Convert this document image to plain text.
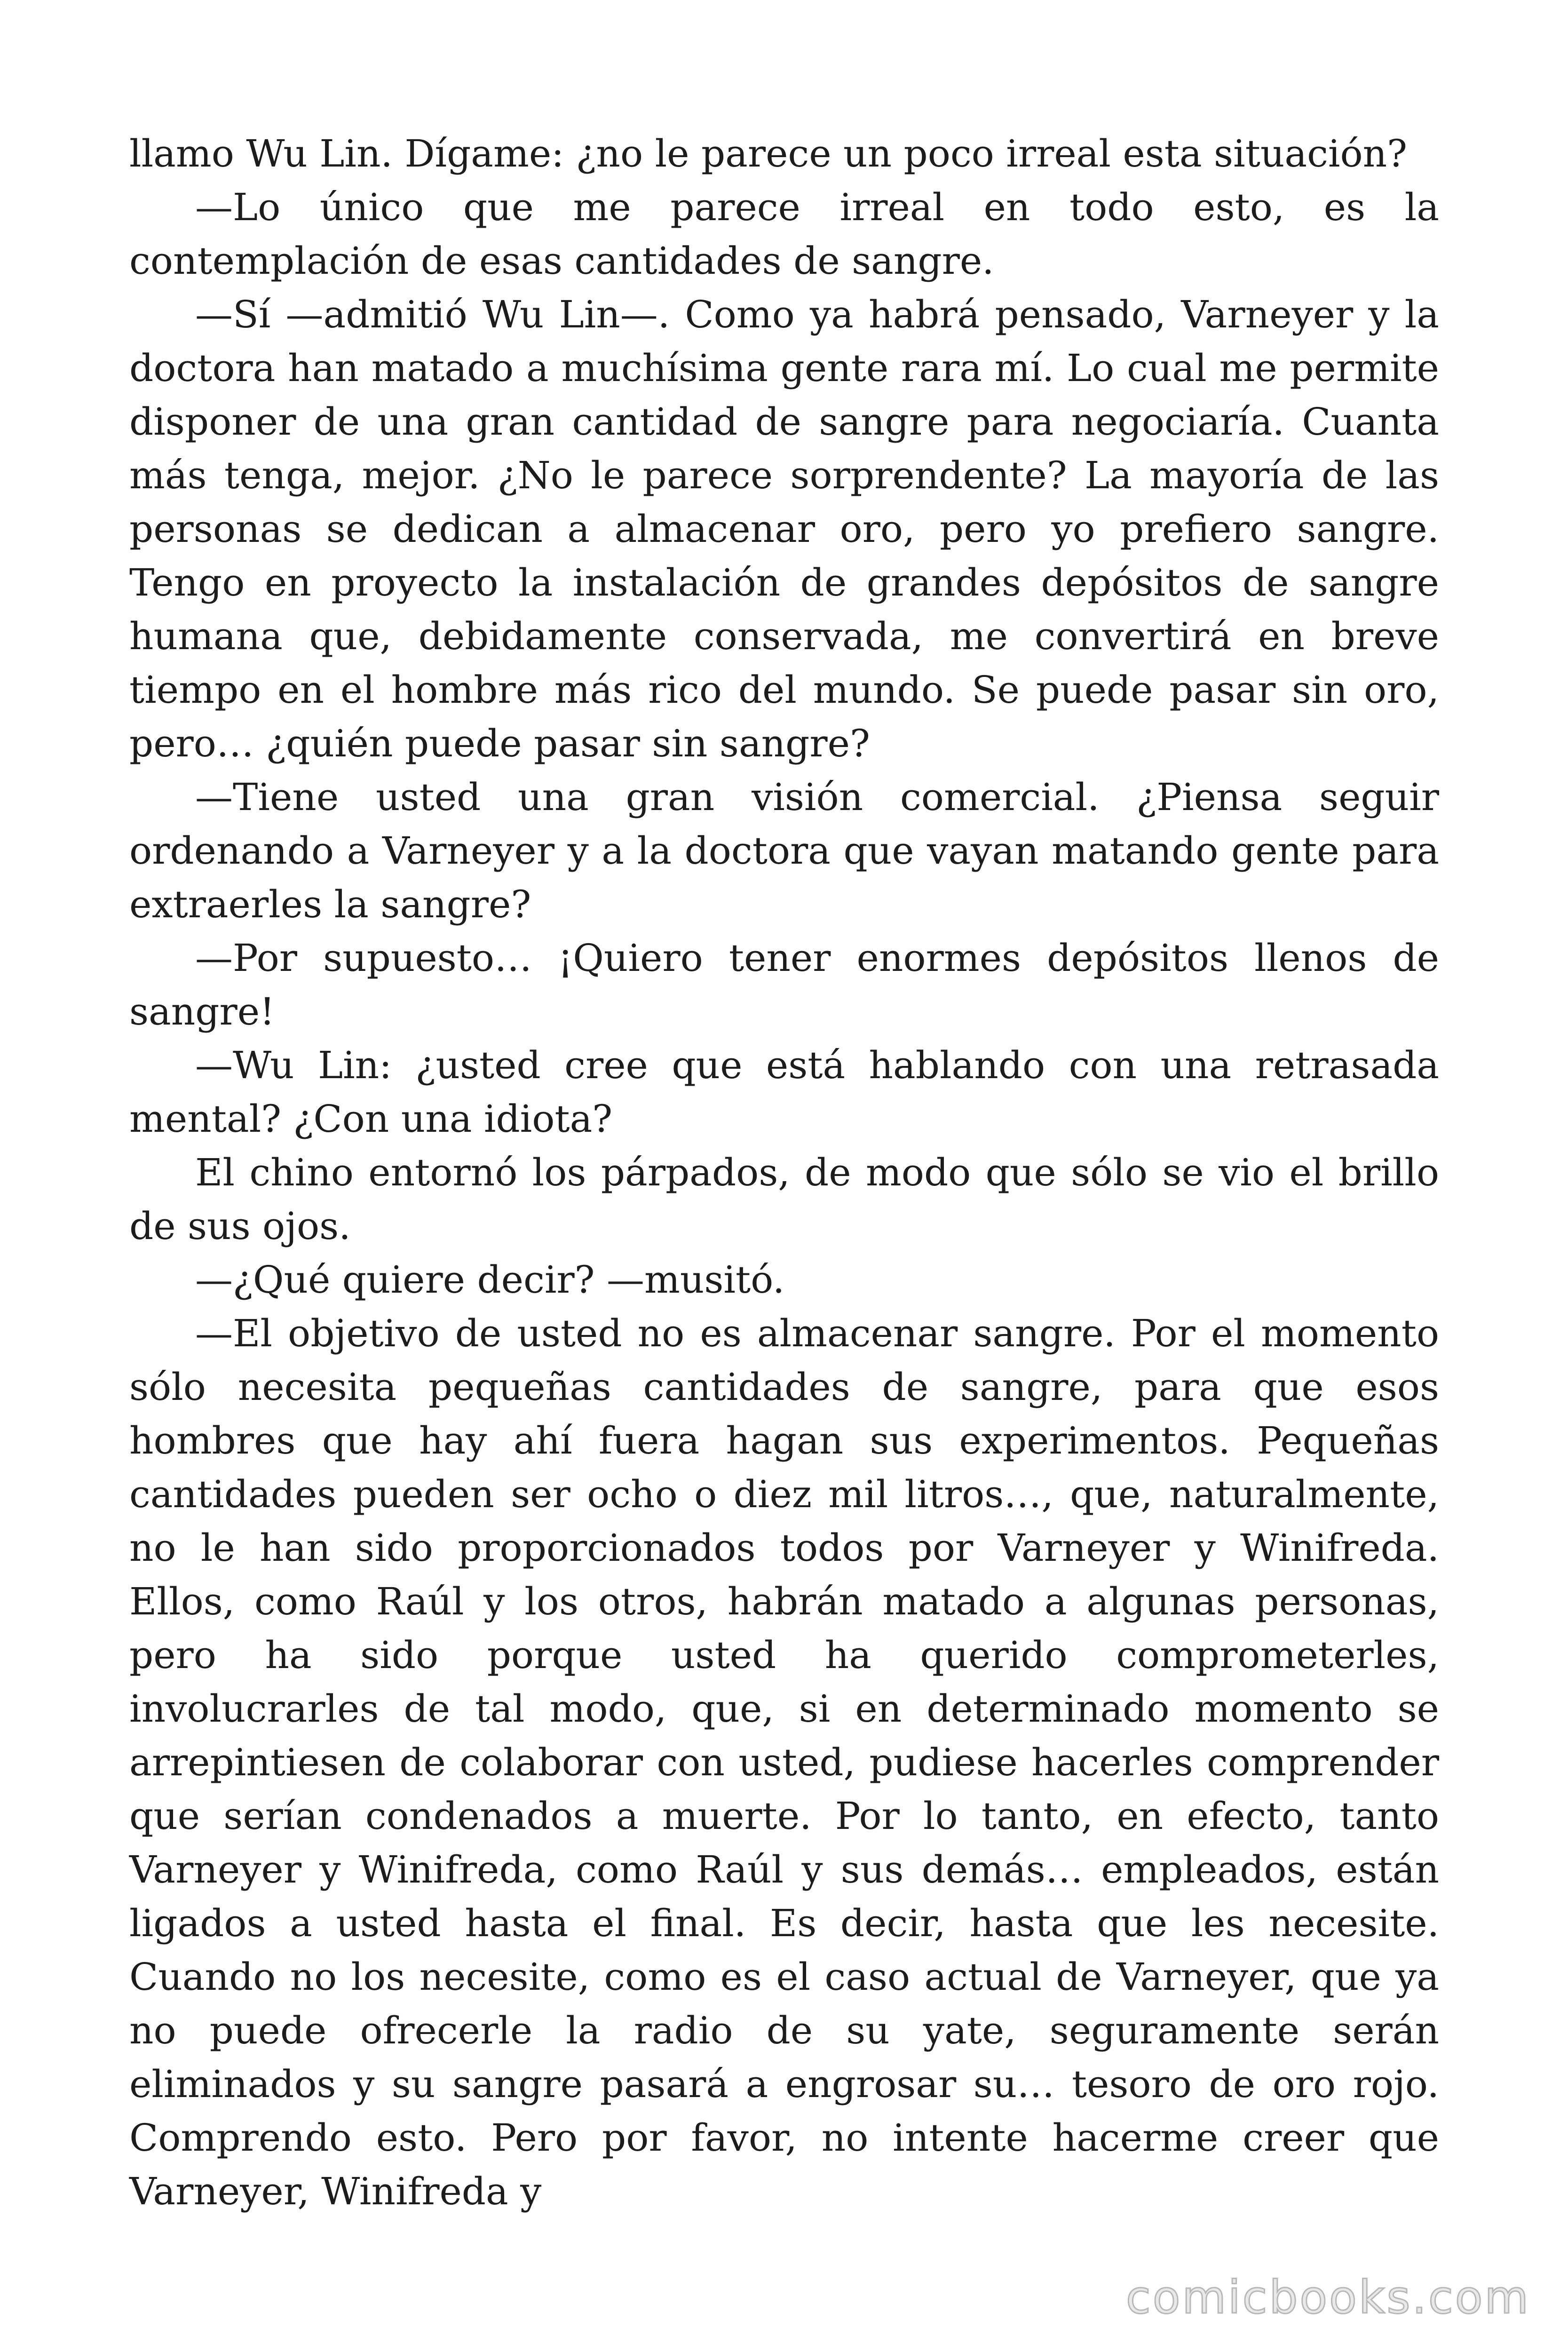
llamo Wu Lin. Dígame: ¿no le parece un poco irreal esta situación?

—Lo único que me parece irreal en todo esto, es la contemplación de esas cantidades de sangre.

—Sí —admitió Wu Lin—. Como ya habrá pensado, Varneyer y la doctora han matado a muchísima gente rara mí. Lo cual me permite disponer de una gran cantidad de sangre para negociaría. Cuanta más tenga, mejor. ¿No le parece sorprendente? La mayoría de las personas se dedican a almacenar oro, pero yo prefiero sangre. Tengo en proyecto la instalación de grandes depósitos de sangre humana que, debidamente conservada, me convertirá en breve tiempo en el hombre más rico del mundo. Se puede pasar sin oro, pero… ¿quién puede pasar sin sangre?

—Tiene usted una gran visión comercial. ¿Piensa seguir ordenando a Varneyer y a la doctora que vayan matando gente para extraerles la sangre?

—Por supuesto… ¡Quiero tener enormes depósitos llenos de sangre!

—Wu Lin: ¿usted cree que está hablando con una retrasada mental? ¿Con una idiota?

El chino entornó los párpados, de modo que sólo se vio el brillo de sus ojos.

—¿Qué quiere decir? —musitó.

—El objetivo de usted no es almacenar sangre. Por el momento sólo necesita pequeñas cantidades de sangre, para que esos hombres que hay ahí fuera hagan sus experimentos. Pequeñas cantidades pueden ser ocho o diez mil litros…, que, naturalmente, no le han sido proporcionados todos por Varneyer y Winifreda. Ellos, como Raúl y los otros, habrán matado a algunas personas, pero ha sido porque usted ha querido comprometerles, involucrarles de tal modo, que, si en determinado momento se arrepintiesen de colaborar con usted, pudiese hacerles comprender que serían condenados a muerte. Por lo tanto, en efecto, tanto Varneyer y Winifreda, como Raúl y sus demás… empleados, están ligados a usted hasta el final. Es decir, hasta que les necesite. Cuando no los necesite, como es el caso actual de Varneyer, que ya no puede ofrecerle la radio de su yate, seguramente serán eliminados y su sangre pasará a engrosar su… tesoro de oro rojo. Comprendo esto. Pero por favor, no intente hacerme creer que Varneyer, Winifreda y

comicbooks.com
